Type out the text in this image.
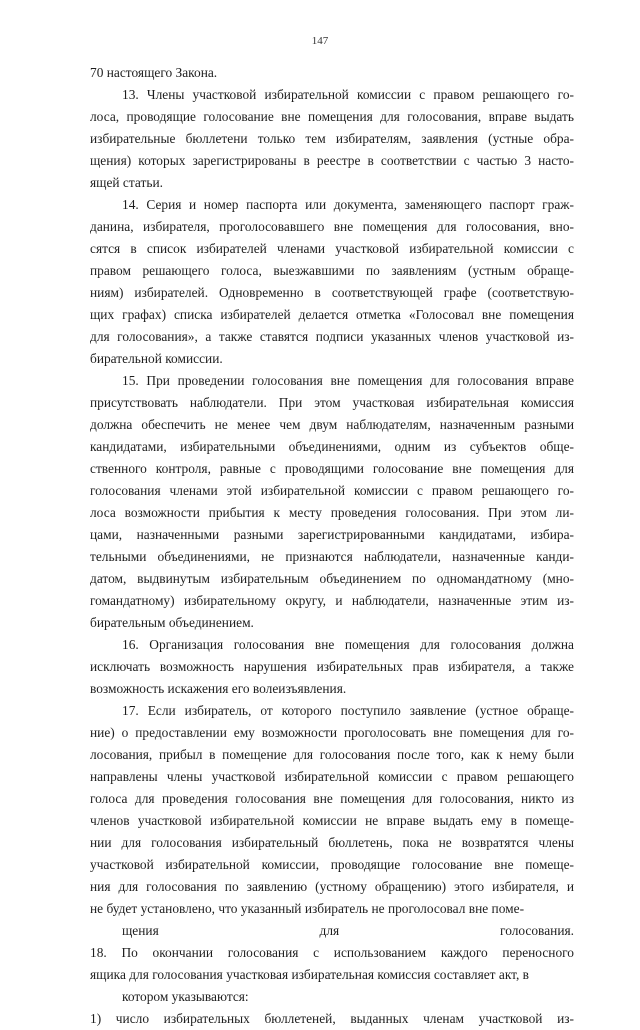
147
70 настоящего Закона.
13. Члены участковой избирательной комиссии с правом решающего го-
лоса, проводящие голосование вне помещения для голосования, вправе выдать
избирательные бюллетени только тем избирателям, заявления (устные обра-
щения) которых зарегистрированы в реестре в соответствии с частью 3 насто-
ящей статьи.
14. Серия и номер паспорта или документа, заменяющего паспорт граж-
данина, избирателя, проголосовавшего вне помещения для голосования, вно-
сятся в список избирателей членами участковой избирательной комиссии с
правом решающего голоса, выезжавшими по заявлениям (устным обраще-
ниям) избирателей. Одновременно в соответствующей графе (соответствую-
щих графах) списка избирателей делается отметка «Голосовал вне помещения
для голосования», а также ставятся подписи указанных членов участковой из-
бирательной комиссии.
15. При проведении голосования вне помещения для голосования вправе
присутствовать наблюдатели. При этом участковая избирательная комиссия
должна обеспечить не менее чем двум наблюдателям, назначенным разными
кандидатами, избирательными объединениями, одним из субъектов обще-
ственного контроля, равные с проводящими голосование вне помещения для
голосования членами этой избирательной комиссии с правом решающего го-
лоса возможности прибытия к месту проведения голосования. При этом ли-
цами, назначенными разными зарегистрированными кандидатами, избира-
тельными объединениями, не признаются наблюдатели, назначенные канди-
датом, выдвинутым избирательным объединением по одномандатному (мно-
гомандатному) избирательному округу, и наблюдатели, назначенные этим из-
бирательным объединением.
16. Организация голосования вне помещения для голосования должна
исключать возможность нарушения избирательных прав избирателя, а также
возможность искажения его волеизъявления.
17. Если избиратель, от которого поступило заявление (устное обраще-
ние) о предоставлении ему возможности проголосовать вне помещения для го-
лосования, прибыл в помещение для голосования после того, как к нему были
направлены члены участковой избирательной комиссии с правом решающего
голоса для проведения голосования вне помещения для голосования, никто из
членов участковой избирательной комиссии не вправе выдать ему в помеще-
нии для голосования избирательный бюллетень, пока не возвратятся члены
участковой избирательной комиссии, проводящие голосование вне помеще-
ния для голосования по заявлению (устному обращению) этого избирателя, и
не будет установлено, что указанный избиратель не проголосовал вне поме-
щения для голосования.
18. По окончании голосования с использованием каждого переносного
ящика для голосования участковая избирательная комиссия составляет акт, в
котором указываются:
1) число избирательных бюллетеней, выданных членам участковой из-
